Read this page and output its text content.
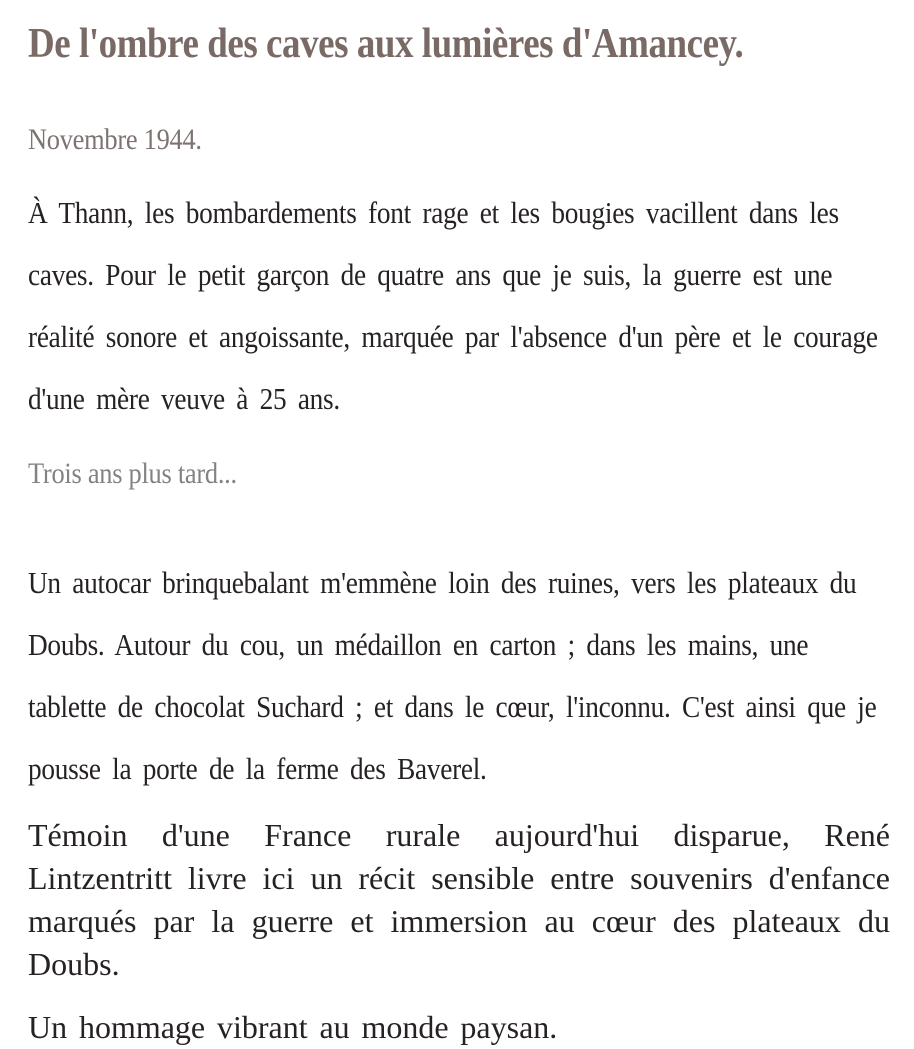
De l'ombre des caves aux lumières d'Amancey.
Novembre 1944.

À Thann, les bombardements font rage et les bougies vacillent dans les caves. Pour le petit garçon de quatre ans que je suis, la guerre est une réalité sonore et angoissante, marquée par l'absence d'un père et le courage d'une mère veuve à 25 ans.

Trois ans plus tard...

Un autocar brinquebalant m'emmène loin des ruines, vers les plateaux du Doubs. Autour du cou, un médaillon en carton ; dans les mains, une tablette de chocolat Suchard ; et dans le cœur, l'inconnu. C'est ainsi que je pousse la porte de la ferme des Baverel.

Témoin d'une France rurale aujourd'hui disparue, René Lintzentritt livre ici un récit sensible entre souvenirs d'enfance marqués par la guerre et immersion au cœur des plateaux du Doubs.

Un hommage vibrant au monde paysan.
